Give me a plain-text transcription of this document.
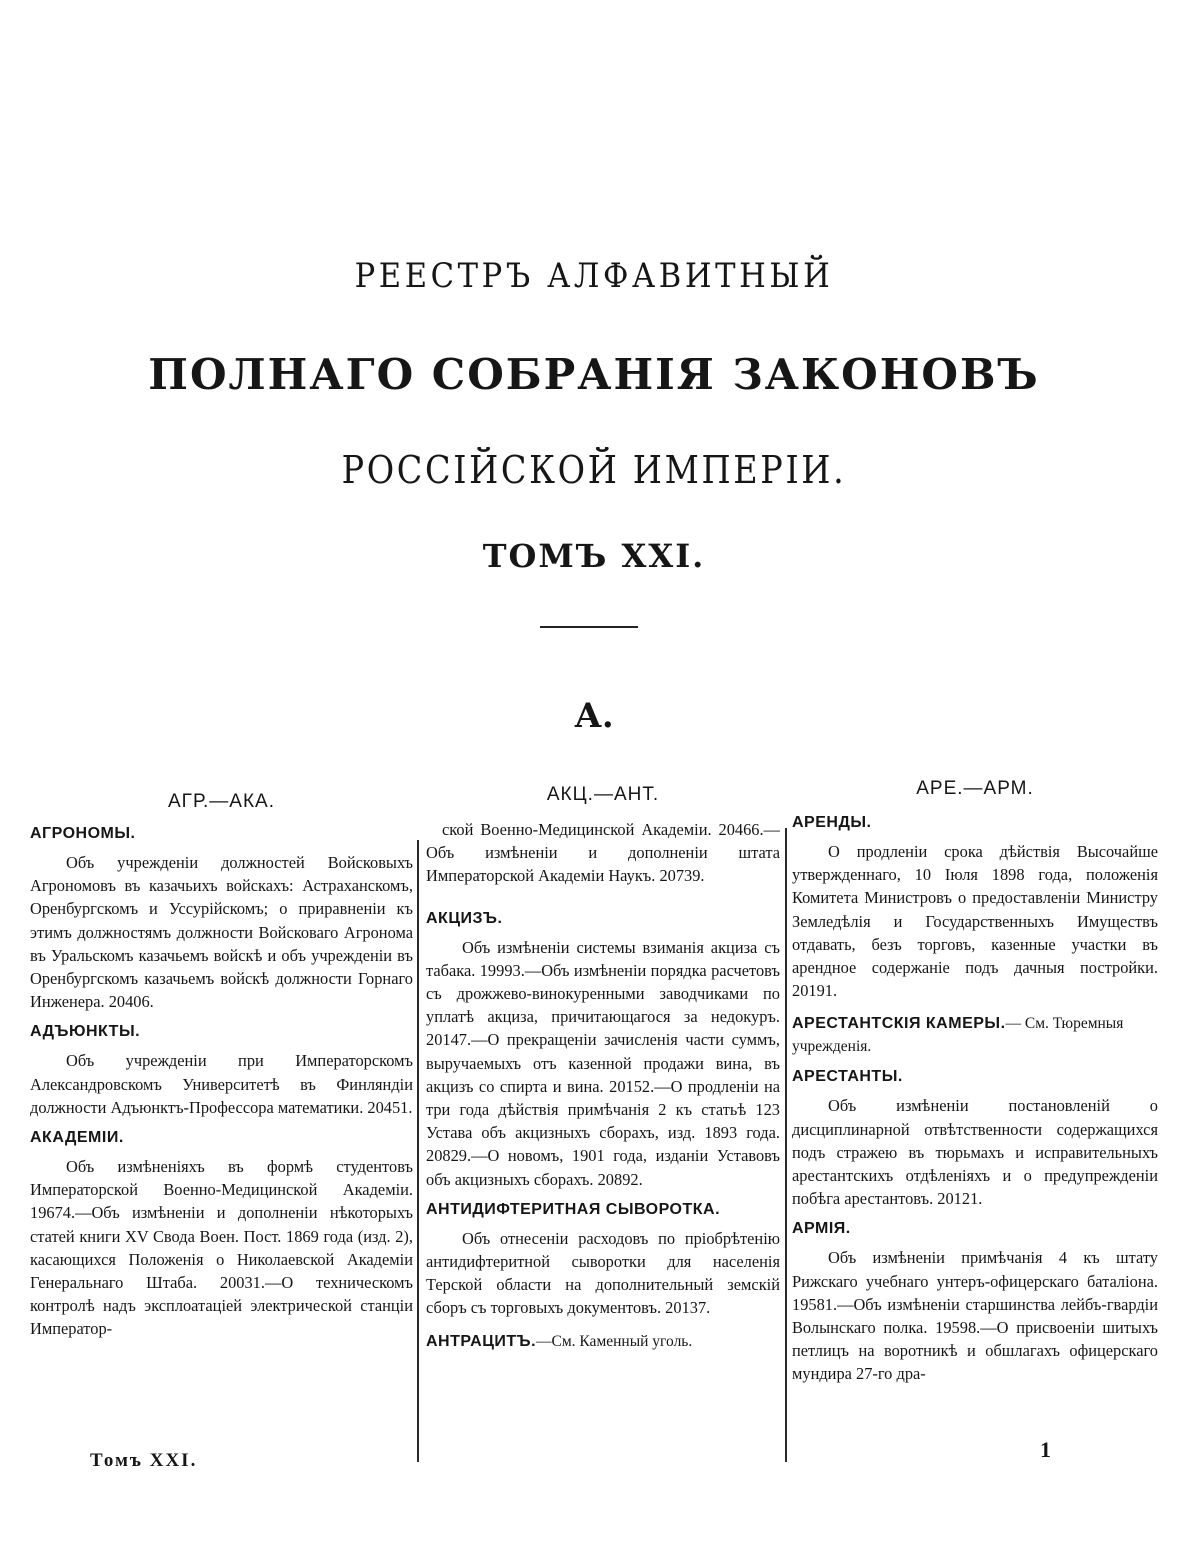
РЕЕСТРЪ АЛФАВИТНЫЙ
ПОЛНАГО СОБРАНІЯ ЗАКОНОВЪ
РОССІЙСКОЙ ИМПЕРІИ.
ТОМЪ XXI.
А.
АГР.—АКА.
АГРОНОМЫ.

Объ учрежденіи должностей Войсковыхъ Агрономовъ въ казачьихъ войскахъ: Астраханскомъ, Оренбургскомъ и Уссурійскомъ; о приравненіи къ этимъ должностямъ должности Войсковаго Агронома въ Уральскомъ казачьемъ войскѣ и объ учрежденіи въ Оренбургскомъ казачьемъ войскѣ должности Горнаго Инженера. 20406.

АДЪЮНКТЫ.

Объ учрежденіи при Императорскомъ Александровскомъ Университетѣ въ Финляндіи должности Адъюнктъ-Профессора математики. 20451.

АКАДЕМІИ.

Объ измѣненіяхъ въ формѣ студентовъ Императорской Военно-Медицинской Академіи. 19674.—Объ измѣненіи и дополненіи нѣкоторыхъ статей книги XV Свода Воен. Пост. 1869 года (изд. 2), касающихся Положенія о Николаевской Академіи Генеральнаго Штаба. 20031.—О техническомъ контролѣ надъ эксплоатаціей электрической станціи Император-

АКЦ.—АНТ.

ской Военно-Медицинской Академіи. 20466.—Объ измѣненіи и дополненіи штата Императорской Академіи Наукъ. 20739.

АКЦИЗЪ.

Объ измѣненіи системы взиманія акциза съ табака. 19993.—Объ измѣненіи порядка расчетовъ съ дрожжево-винокуренными заводчиками по уплатѣ акциза, причитающагося за недокуръ. 20147.—О прекращеніи зачисленія части суммъ, выручаемыхъ отъ казенной продажи вина, въ акцизъ со спирта и вина. 20152.—О продленіи на три года дѣйствія примѣчанія 2 къ статьѣ 123 Устава объ акцизныхъ сборахъ, изд. 1893 года. 20829.—О новомъ, 1901 года, изданіи Уставовъ объ акцизныхъ сборахъ. 20892.

АНТИДИФТЕРИТНАЯ СЫВОРОТКА.

Объ отнесеніи расходовъ по пріобрѣтенію антидифтеритной сыворотки для населенія Терской области на дополнительный земскій сборъ съ торговыхъ документовъ. 20137.

АНТРАЦИТЪ.—См. Каменный уголь.
АРЕ.—АРМ.
АРЕНДЫ.

О продленіи срока дѣйствія Высочайше утвержденнаго, 10 Іюля 1898 года, положенія Комитета Министровъ о предоставленіи Министру Земледѣлія и Государственныхъ Имуществъ отдавать, безъ торговъ, казенные участки въ арендное содержаніе подъ дачныя постройки. 20191.

АРЕСТАНТСКІЯ КАМЕРЫ.— См. Тюремныя учрежденія.
АРЕСТАНТЫ.

Объ измѣненіи постановленій о дисциплинарной отвѣтственности содержащихся подъ стражею въ тюрьмахъ и исправительныхъ арестантскихъ отдѣленіяхъ и о предупрежденіи побѣга арестантовъ. 20121.

АРМІЯ.

Объ измѣненіи примѣчанія 4 къ штату Рижскаго учебнаго унтеръ-офицерскаго баталіона. 19581.—Объ измѣненіи старшинства лейбъ-гвардіи Волынскаго полка. 19598.—О присвоеніи шитыхъ петлицъ на воротникѣ и обшлагахъ офицерскаго мундира 27-го дра-

Томъ XXI.	1
